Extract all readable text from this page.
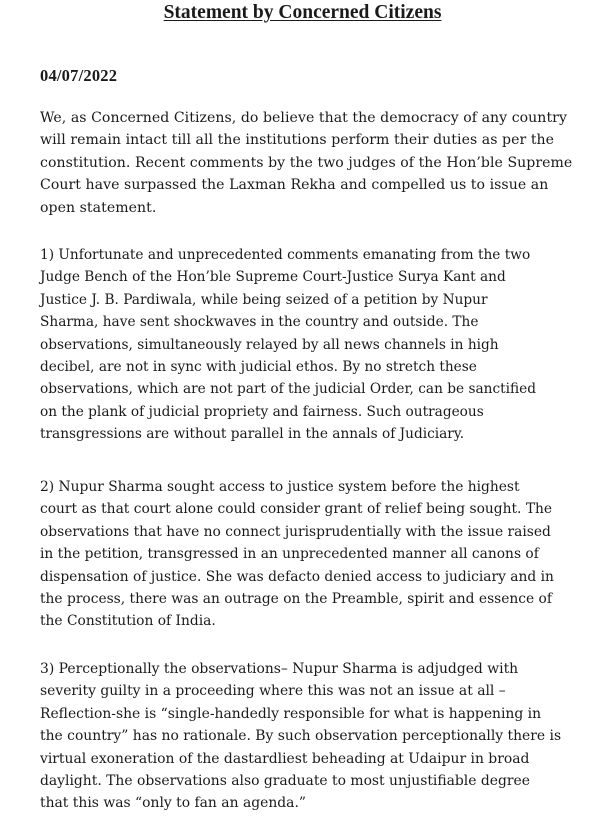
Statement by Concerned Citizens

04/07/2022

We, as Concerned Citizens, do believe that the democracy of any country
will remain intact till all the institutions perform their duties as per the
constitution. Recent comments by the two judges of the Hon’ble Supreme
Court have surpassed the Laxman Rekha and compelled us to issue an
open statement.
1) Unfortunate and unprecedented comments emanating from the two
Judge Bench of the Hon’ble Supreme Court-Justice Surya Kant and
Justice J. B. Pardiwala, while being seized of a petition by Nupur
Sharma, have sent shockwaves in the country and outside. The
observations, simultaneously relayed by all news channels in high
decibel, are not in sync with judicial ethos. By no stretch these
observations, which are not part of the judicial Order, can be sanctified
on the plank of judicial propriety and fairness. Such outrageous
transgressions are without parallel in the annals of Judiciary.
2) Nupur Sharma sought access to justice system before the highest
court as that court alone could consider grant of relief being sought. The
observations that have no connect jurisprudentially with the issue raised
in the petition, transgressed in an unprecedented manner all canons of
dispensation of justice. She was defacto denied access to judiciary and in
the process, there was an outrage on the Preamble, spirit and essence of
the Constitution of India.
3) Perceptionally the observations– Nupur Sharma is adjudged with
severity guilty in a proceeding where this was not an issue at all –
Reflection-she is “single-handedly responsible for what is happening in
the country” has no rationale. By such observation perceptionally there is
virtual exoneration of the dastardliest beheading at Udaipur in broad
daylight. The observations also graduate to most unjustifiable degree
that this was “only to fan an agenda.”
